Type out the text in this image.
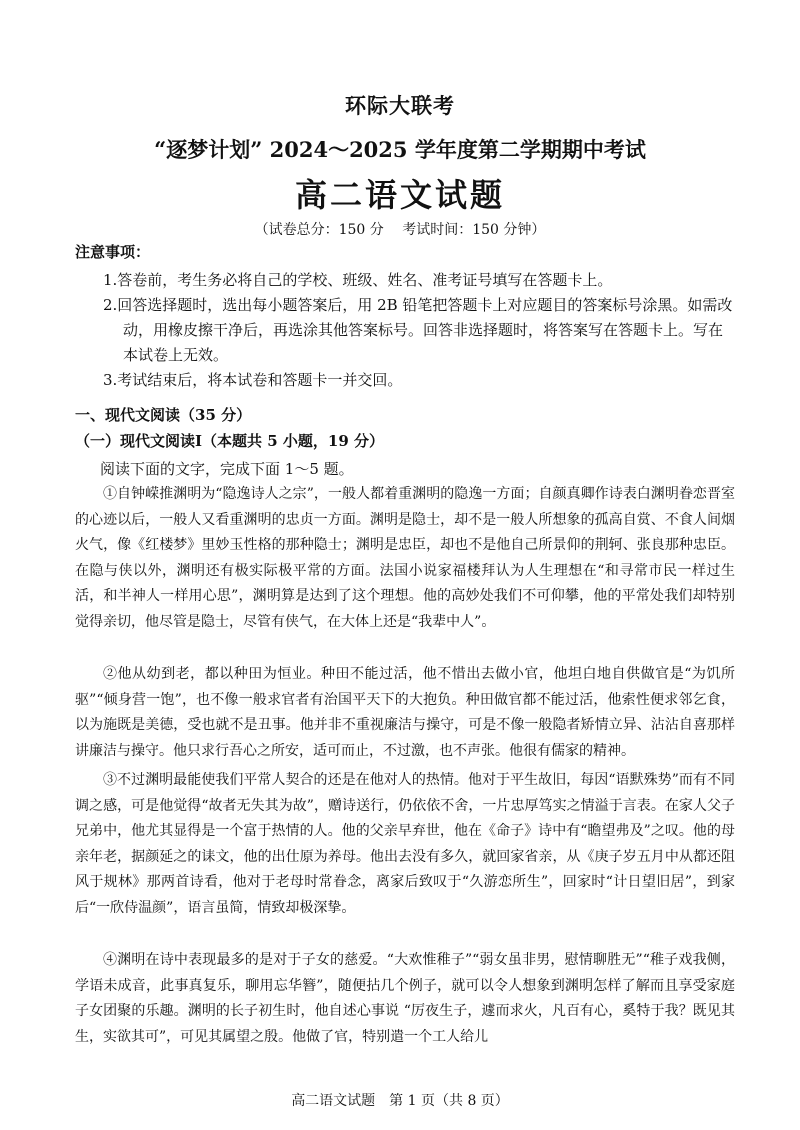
环际大联考
“逐梦计划” 2024～2025 学年度第二学期期中考试
高二语文试题
（试卷总分：150 分　 考试时间：150 分钟）
注意事项：
1.答卷前，考生务必将自己的学校、班级、姓名、准考证号填写在答题卡上。
2.回答选择题时，选出每小题答案后，用 2B 铅笔把答题卡上对应题目的答案标号涂黑。如需改动，用橡皮擦干净后，再选涂其他答案标号。回答非选择题时，将答案写在答题卡上。写在本试卷上无效。
3.考试结束后，将本试卷和答题卡一并交回。
一、现代文阅读（35 分）
（一）现代文阅读Ⅰ（本题共 5 小题，19 分）
阅读下面的文字，完成下面 1～5 题。
①自钟嵘推渊明为“隐逸诗人之宗”，一般人都着重渊明的隐逸一方面；自颜真卿作诗表白渊明眷恋晋室的心迹以后，一般人又看重渊明的忠贞一方面。渊明是隐士，却不是一般人所想象的孤高自赏、不食人间烟火气，像《红楼梦》里妙玉性格的那种隐士；渊明是忠臣，却也不是他自己所景仰的荆轲、张良那种忠臣。在隐与侠以外，渊明还有极实际极平常的方面。法国小说家福楼拜认为人生理想在“和寻常市民一样过生活，和半神人一样用心思”，渊明算是达到了这个理想。他的高妙处我们不可仰攀，他的平常处我们却特别觉得亲切，他尽管是隐士，尽管有侠气，在大体上还是“我辈中人”。
②他从幼到老，都以种田为恒业。种田不能过活，他不惜出去做小官，他坦白地自供做官是“为饥所驱”“倾身营一饱”，也不像一般求官者有治国平天下的大抱负。种田做官都不能过活，他索性便求邻乞食，以为施既是美德，受也就不是丑事。他并非不重视廉洁与操守，可是不像一般隐者矫情立异、沾沾自喜那样讲廉洁与操守。他只求行吾心之所安，适可而止，不过激，也不声张。他很有儒家的精神。
③不过渊明最能使我们平常人契合的还是在他对人的热情。他对于平生故旧，每因“语默殊势”而有不同调之感，可是他觉得“故者无失其为故”，赠诗送行，仍依依不舍，一片忠厚笃实之情溢于言表。在家人父子兄弟中，他尤其显得是一个富于热情的人。他的父亲早弃世，他在《命子》诗中有“瞻望弗及”之叹。他的母亲年老，据颜延之的诔文，他的出仕原为养母。他出去没有多久，就回家省亲，从《庚子岁五月中从都还阻风于规林》那两首诗看，他对于老母时常眷念，离家后致叹于“久游恋所生”，回家时“计日望旧居”，到家后“一欣侍温颜”，语言虽简，情致却极深挚。
④渊明在诗中表现最多的是对于子女的慈爱。“大欢惟稚子”“弱女虽非男，慰情聊胜无”“稚子戏我侧，学语未成音，此事真复乐，聊用忘华簪”，随便拈几个例子，就可以令人想象到渊明怎样了解而且享受家庭子女团聚的乐趣。渊明的长子初生时，他自述心事说 “厉夜生子，遽而求火，凡百有心，奚特于我？既见其生，实欲其可”，可见其属望之殷。他做了官，特别遣一个工人给儿
高二语文试题　第 1 页（共 8 页）
